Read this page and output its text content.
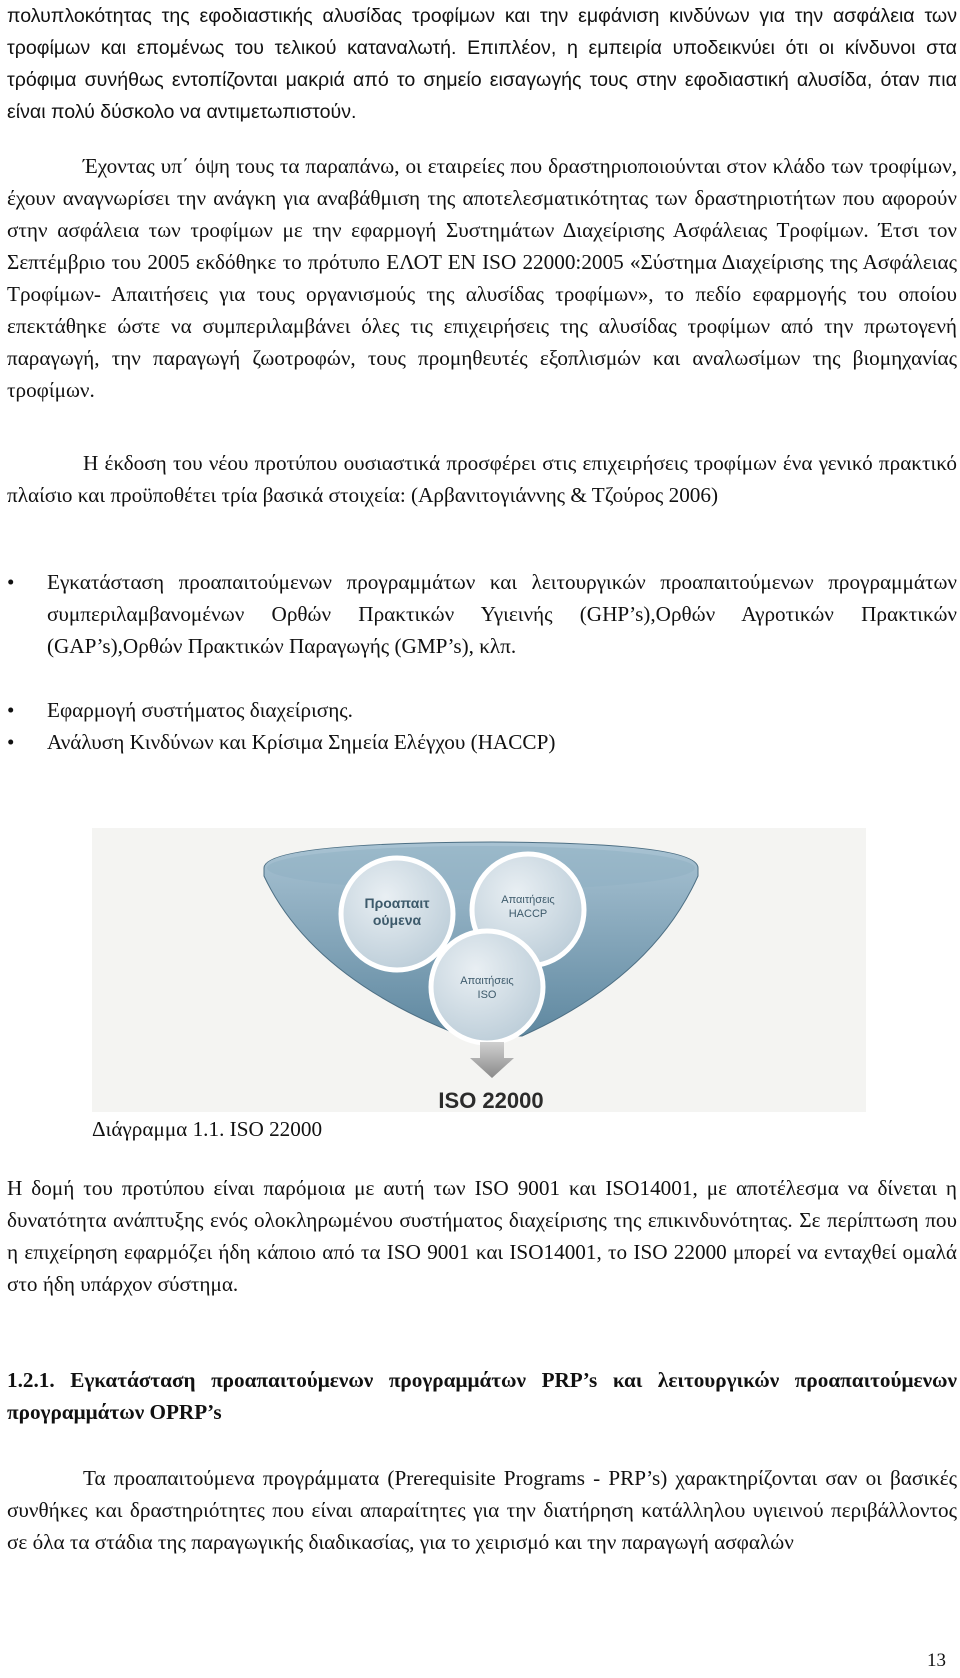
πολυπλοκότητας της εφοδιαστικής αλυσίδας τροφίμων και την εμφάνιση κινδύνων για την ασφάλεια των τροφίμων και επομένως του τελικού καταναλωτή. Επιπλέον, η εμπειρία υποδεικνύει ότι οι κίνδυνοι στα τρόφιμα συνήθως εντοπίζονται μακριά από το σημείο εισαγωγής τους στην εφοδιαστική αλυσίδα, όταν πια είναι πολύ δύσκολο να αντιμετωπιστούν.

Έχοντας υπ΄ όψη τους τα παραπάνω, οι εταιρείες που δραστηριοποιούνται στον κλάδο των τροφίμων, έχουν αναγνωρίσει την ανάγκη για αναβάθμιση της αποτελεσματικότητας των δραστηριοτήτων που αφορούν στην ασφάλεια των τροφίμων με την εφαρμογή Συστημάτων Διαχείρισης Ασφάλειας Τροφίμων. Έτσι τον Σεπτέμβριο του 2005 εκδόθηκε το πρότυπο ΕΛΟΤ ΕΝ ISO 22000:2005 «Σύστημα Διαχείρισης της Ασφάλειας Τροφίμων- Απαιτήσεις για τους οργανισμούς της αλυσίδας τροφίμων», το πεδίο εφαρμογής του οποίου επεκτάθηκε ώστε να συμπεριλαμβάνει όλες τις επιχειρήσεις της αλυσίδας τροφίμων από την πρωτογενή παραγωγή, την παραγωγή ζωοτροφών, τους προμηθευτές εξοπλισμών και αναλωσίμων της βιομηχανίας τροφίμων.

Η έκδοση του νέου προτύπου ουσιαστικά προσφέρει στις επιχειρήσεις τροφίμων ένα γενικό πρακτικό πλαίσιο και προϋποθέτει τρία βασικά στοιχεία: (Αρβανιτογιάννης & Τζούρος 2006)

• Εγκατάσταση προαπαιτούμενων προγραμμάτων και λειτουργικών προαπαιτούμενων προγραμμάτων συμπεριλαμβανομένων Ορθών Πρακτικών Υγιεινής (GHP’s),Ορθών Αγροτικών Πρακτικών (GAP’s),Ορθών Πρακτικών Παραγωγής (GMP’s), κλπ.
• Εφαρμογή συστήματος διαχείρισης.
• Ανάλυση Κινδύνων και Κρίσιμα Σημεία Ελέγχου (HACCP)
Προαπαιτ
ούμενα
Απαιτήσεις
HACCP
Απαιτήσεις
ISO
ISO 22000
Διάγραμμα 1.1. ISO 22000

Η δομή του προτύπου είναι παρόμοια με αυτή των ISO 9001 και ISO14001, με αποτέλεσμα να δίνεται η δυνατότητα ανάπτυξης ενός ολοκληρωμένου συστήματος διαχείρισης της επικινδυνότητας. Σε περίπτωση που η επιχείρηση εφαρμόζει ήδη κάποιο από τα ISO 9001 και ISO14001, το ISO 22000 μπορεί να ενταχθεί ομαλά στο ήδη υπάρχον σύστημα.

1.2.1. Εγκατάσταση προαπαιτούμενων προγραμμάτων PRP’s και λειτουργικών προαπαιτούμενων προγραμμάτων OPRP’s

Τα προαπαιτούμενα προγράμματα (Prerequisite Programs - PRP’s) χαρακτηρίζονται σαν οι βασικές συνθήκες και δραστηριότητες που είναι απαραίτητες για την διατήρηση κατάλληλου υγιεινού περιβάλλοντος σε όλα τα στάδια της παραγωγικής διαδικασίας, για το χειρισμό και την παραγωγή ασφαλών

13
